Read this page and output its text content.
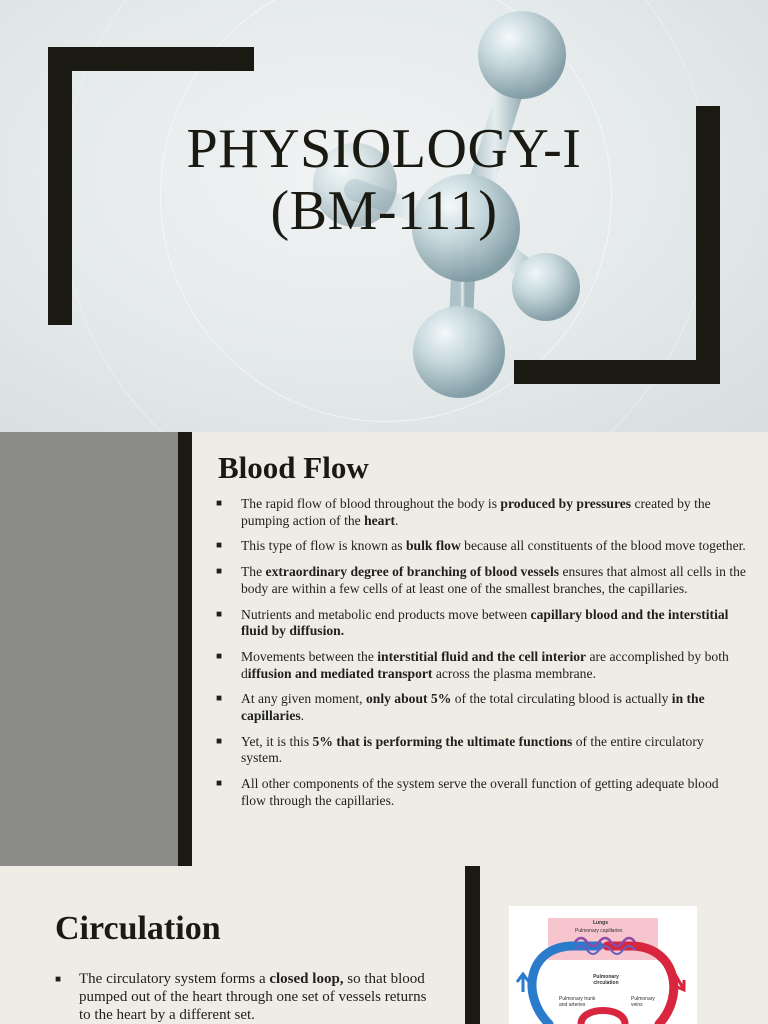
PHYSIOLOGY-I
(BM-111)
Blood Flow
■ The rapid flow of blood throughout the body is produced by pressures created by the pumping action of the heart.
■ This type of flow is known as bulk flow because all constituents of the blood move together.
■ The extraordinary degree of branching of blood vessels ensures that almost all cells in the body are within a few cells of at least one of the smallest branches, the capillaries.
■ Nutrients and metabolic end products move between capillary blood and the interstitial fluid by diffusion.
■ Movements between the interstitial fluid and the cell interior are accomplished by both diffusion and mediated transport across the plasma membrane.
■ At any given moment, only about 5% of the total circulating blood is actually in the capillaries.
■ Yet, it is this 5% that is performing the ultimate functions of the entire circulatory system.
■ All other components of the system serve the overall function of getting adequate blood flow through the capillaries.
Circulation
■ The circulatory system forms a closed loop, so that blood pumped out of the heart through one set of vessels returns to the heart by a different set.
Lungs
Pulmonary capillaries
Pulmonary circulation
Pulmonary trunk and arteries
Pulmonary veins
